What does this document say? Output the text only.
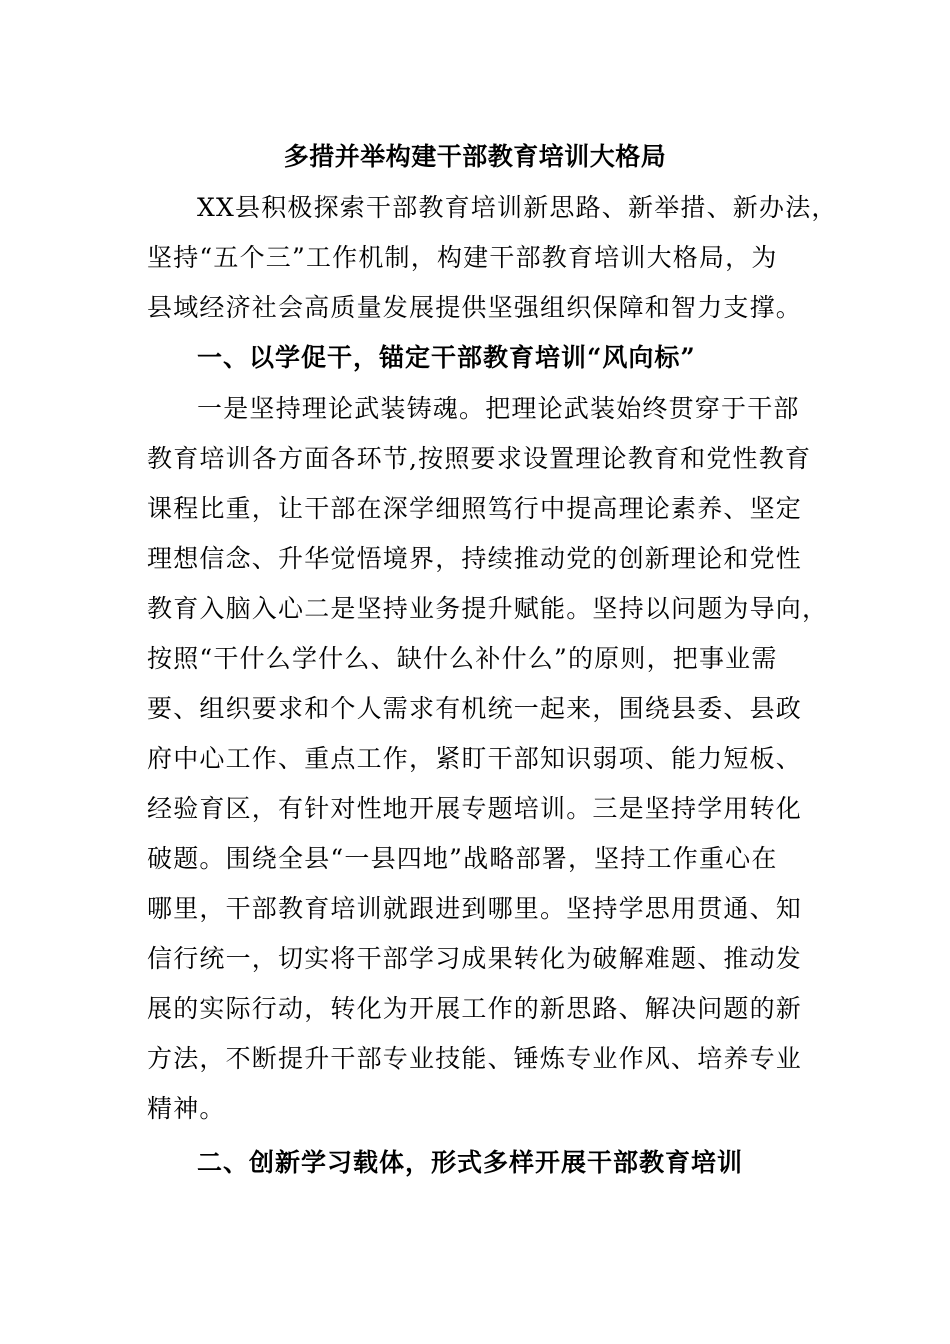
多措并举构建干部教育培训大格局
XX县积极探索干部教育培训新思路、新举措、新办法，
坚持“五个三”工作机制，构建干部教育培训大格局，为
县域经济社会高质量发展提供坚强组织保障和智力支撑。
一、以学促干，锚定干部教育培训“风向标”
一是坚持理论武装铸魂。把理论武装始终贯穿于干部
教育培训各方面各环节,按照要求设置理论教育和党性教育
课程比重，让干部在深学细照笃行中提高理论素养、坚定
理想信念、升华觉悟境界，持续推动党的创新理论和党性
教育入脑入心二是坚持业务提升赋能。坚持以问题为导向，
按照“干什么学什么、缺什么补什么”的原则，把事业需
要、组织要求和个人需求有机统一起来，围绕县委、县政
府中心工作、重点工作，紧盯干部知识弱项、能力短板、
经验育区，有针对性地开展专题培训。三是坚持学用转化
破题。围绕全县“一县四地”战略部署，坚持工作重心在
哪里，干部教育培训就跟进到哪里。坚持学思用贯通、知
信行统一，切实将干部学习成果转化为破解难题、推动发
展的实际行动，转化为开展工作的新思路、解决问题的新
方法，不断提升干部专业技能、锤炼专业作风、培养专业
精神。
二、创新学习载体，形式多样开展干部教育培训
